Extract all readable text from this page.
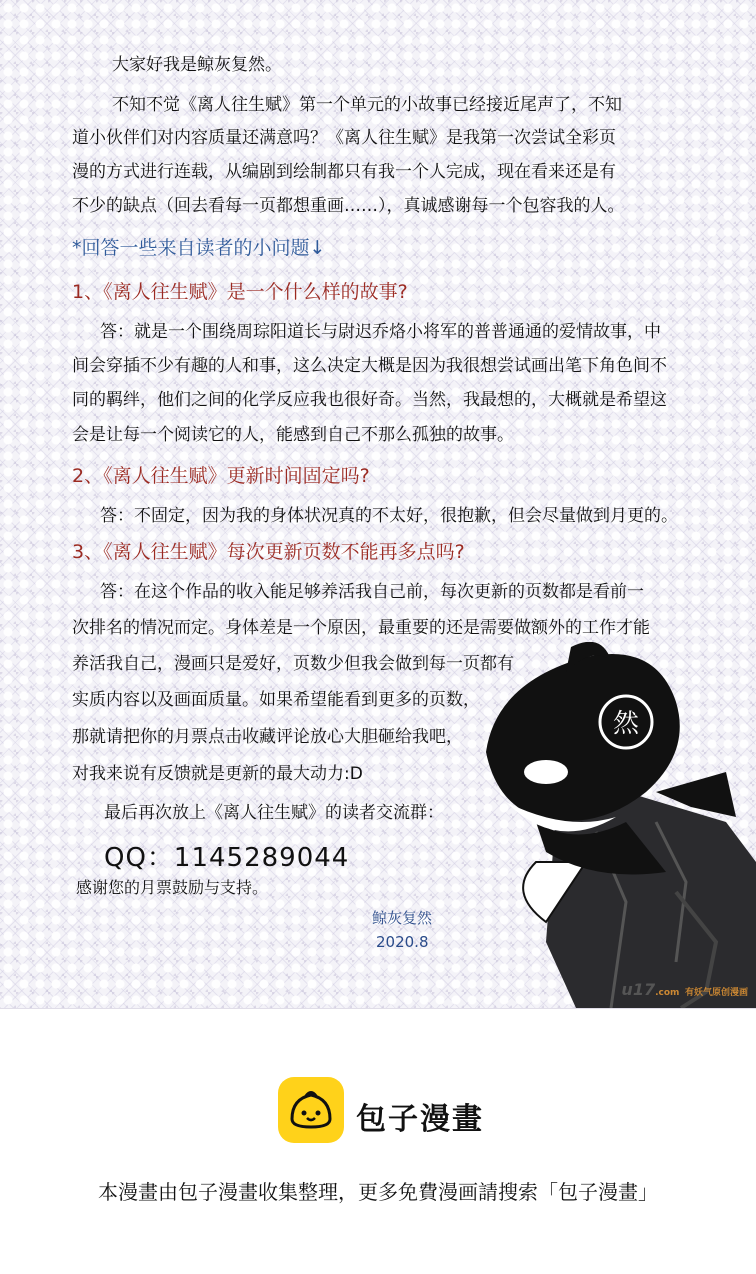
大家好我是鲸灰复然。
不知不觉《离人往生赋》第一个单元的小故事已经接近尾声了，不知
道小伙伴们对内容质量还满意吗？《离人往生赋》是我第一次尝试全彩页
漫的方式进行连载，从编剧到绘制都只有我一个人完成，现在看来还是有
不少的缺点（回去看每一页都想重画……），真诚感谢每一个包容我的人。
*回答一些来自读者的小问题↓
1、《离人往生赋》是一个什么样的故事?
答：就是一个围绕周琮阳道长与尉迟乔烙小将军的普普通通的爱情故事，中
间会穿插不少有趣的人和事，这么决定大概是因为我很想尝试画出笔下角色间不
同的羁绊，他们之间的化学反应我也很好奇。当然，我最想的，大概就是希望这
会是让每一个阅读它的人，能感到自己不那么孤独的故事。
2、《离人往生赋》更新时间固定吗?
答：不固定，因为我的身体状况真的不太好，很抱歉，但会尽量做到月更的。
3、《离人往生赋》每次更新页数不能再多点吗?
答：在这个作品的收入能足够养活我自己前，每次更新的页数都是看前一
次排名的情况而定。身体差是一个原因，最重要的还是需要做额外的工作才能
养活我自己，漫画只是爱好，页数少但我会做到每一页都有
实质内容以及画面质量。如果希望能看到更多的页数，
那就请把你的月票点击收藏评论放心大胆砸给我吧，
对我来说有反馈就是更新的最大动力:D
最后再次放上《离人往生赋》的读者交流群：
QQ：1145289044
感谢您的月票鼓励与支持。
鲸灰复然
2020.8
然
u17.com 有妖气原创漫画
包子漫畫
本漫畫由包子漫畫收集整理，更多免費漫画請搜索「包子漫畫」
